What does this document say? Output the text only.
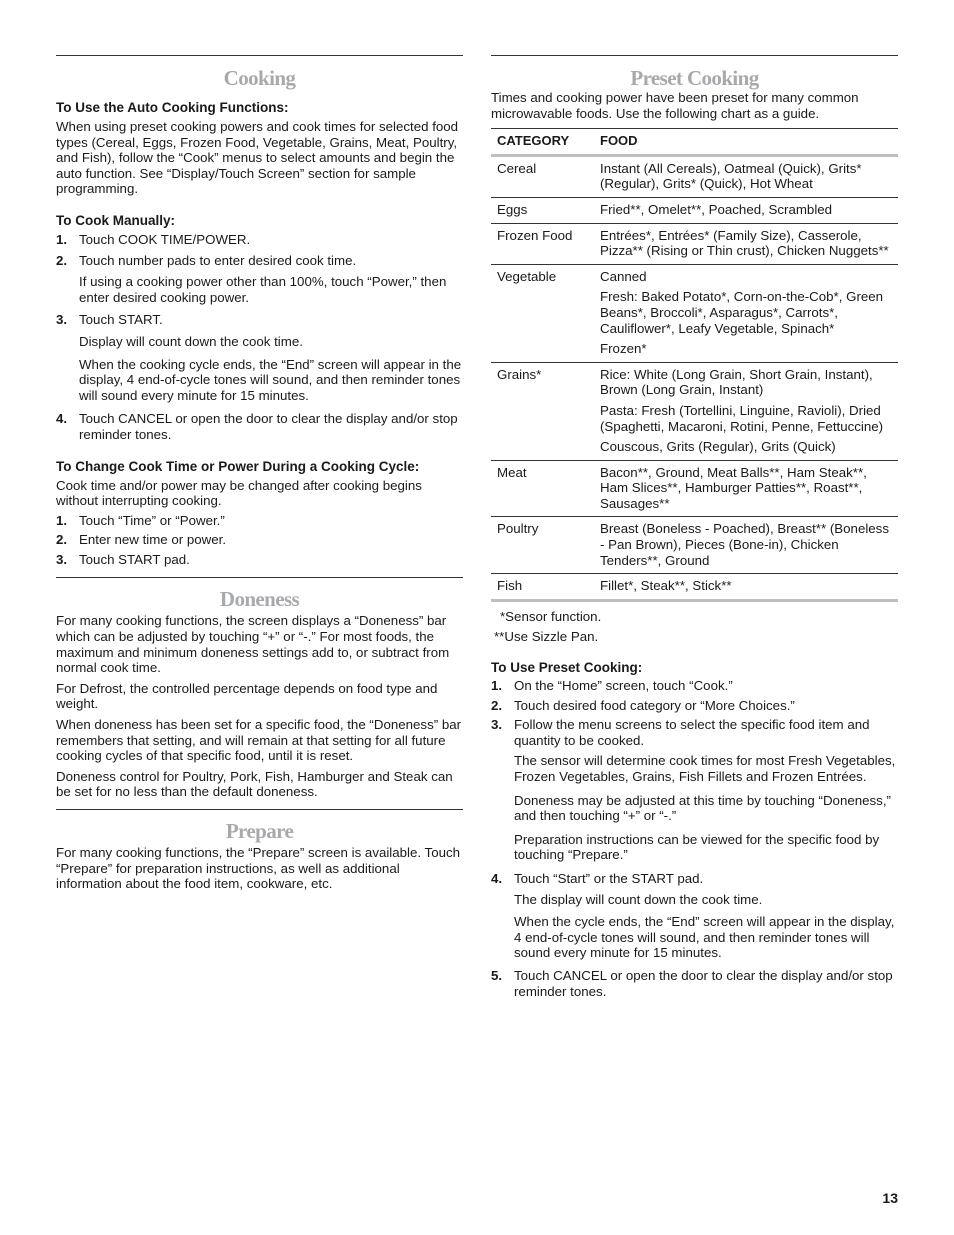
Cooking
To Use the Auto Cooking Functions:

When using preset cooking powers and cook times for selected food types (Cereal, Eggs, Frozen Food, Vegetable, Grains, Meat, Poultry, and Fish), follow the “Cook” menus to select amounts and begin the auto function. See “Display/Touch Screen” section for sample programming.

To Cook Manually:
1. Touch COOK TIME/POWER.
2. Touch number pads to enter desired cook time.

If using a cooking power other than 100%, touch “Power,” then enter desired cooking power.

3. Touch START.

Display will count down the cook time.

When the cooking cycle ends, the “End” screen will appear in the display, 4 end-of-cycle tones will sound, and then reminder tones will sound every minute for 15 minutes.

4. Touch CANCEL or open the door to clear the display and/or stop reminder tones.
To Change Cook Time or Power During a Cooking Cycle:

Cook time and/or power may be changed after cooking begins without interrupting cooking.

1. Touch “Time” or “Power.”
2. Enter new time or power.
3. Touch START pad.
Doneness

For many cooking functions, the screen displays a “Doneness” bar which can be adjusted by touching “+” or “-.” For most foods, the maximum and minimum doneness settings add to, or subtract from normal cook time.

For Defrost, the controlled percentage depends on food type and weight.

When doneness has been set for a specific food, the “Doneness” bar remembers that setting, and will remain at that setting for all future cooking cycles of that specific food, until it is reset.

Doneness control for Poultry, Pork, Fish, Hamburger and Steak can be set for no less than the default doneness.

Prepare

For many cooking functions, the “Prepare” screen is available. Touch “Prepare” for preparation instructions, as well as additional information about the food item, cookware, etc.

Preset Cooking

Times and cooking power have been preset for many common microwavable foods. Use the following chart as a guide.

CATEGORY	FOOD
Cereal	Instant (All Cereals), Oatmeal (Quick), Grits* (Regular), Grits* (Quick), Hot Wheat

Eggs	Fried**, Omelet**, Poached, Scrambled

Frozen Food	Entrées*, Entrées* (Family Size), Casserole, Pizza** (Rising or Thin crust), Chicken Nuggets**

Vegetable	Canned
Fresh: Baked Potato*, Corn-on-the-Cob*, Green Beans*, Broccoli*, Asparagus*, Carrots*, Cauliflower*, Leafy Vegetable, Spinach*
Frozen*

Grains*	Rice: White (Long Grain, Short Grain, Instant), Brown (Long Grain, Instant)
Pasta: Fresh (Tortellini, Linguine, Ravioli), Dried (Spaghetti, Macaroni, Rotini, Penne, Fettuccine)
Couscous, Grits (Regular), Grits (Quick)

Meat	Bacon**, Ground, Meat Balls**, Ham Steak**, Ham Slices**, Hamburger Patties**, Roast**, Sausages**

Poultry	Breast (Boneless - Poached), Breast** (Boneless - Pan Brown), Pieces (Bone-in), Chicken Tenders**, Ground

Fish	Fillet*, Steak**, Stick**

*Sensor function.

**Use Sizzle Pan.

To Use Preset Cooking:
1. On the “Home” screen, touch “Cook.”
2. Touch desired food category or “More Choices.”
3. Follow the menu screens to select the specific food item and quantity to be cooked.

The sensor will determine cook times for most Fresh Vegetables, Frozen Vegetables, Grains, Fish Fillets and Frozen Entrées.

Doneness may be adjusted at this time by touching “Doneness,” and then touching “+” or “-.”

Preparation instructions can be viewed for the specific food by touching “Prepare.”

4. Touch “Start” or the START pad.

The display will count down the cook time.

When the cycle ends, the “End” screen will appear in the display, 4 end-of-cycle tones will sound, and then reminder tones will sound every minute for 15 minutes.

5. Touch CANCEL or open the door to clear the display and/or stop reminder tones.
13
